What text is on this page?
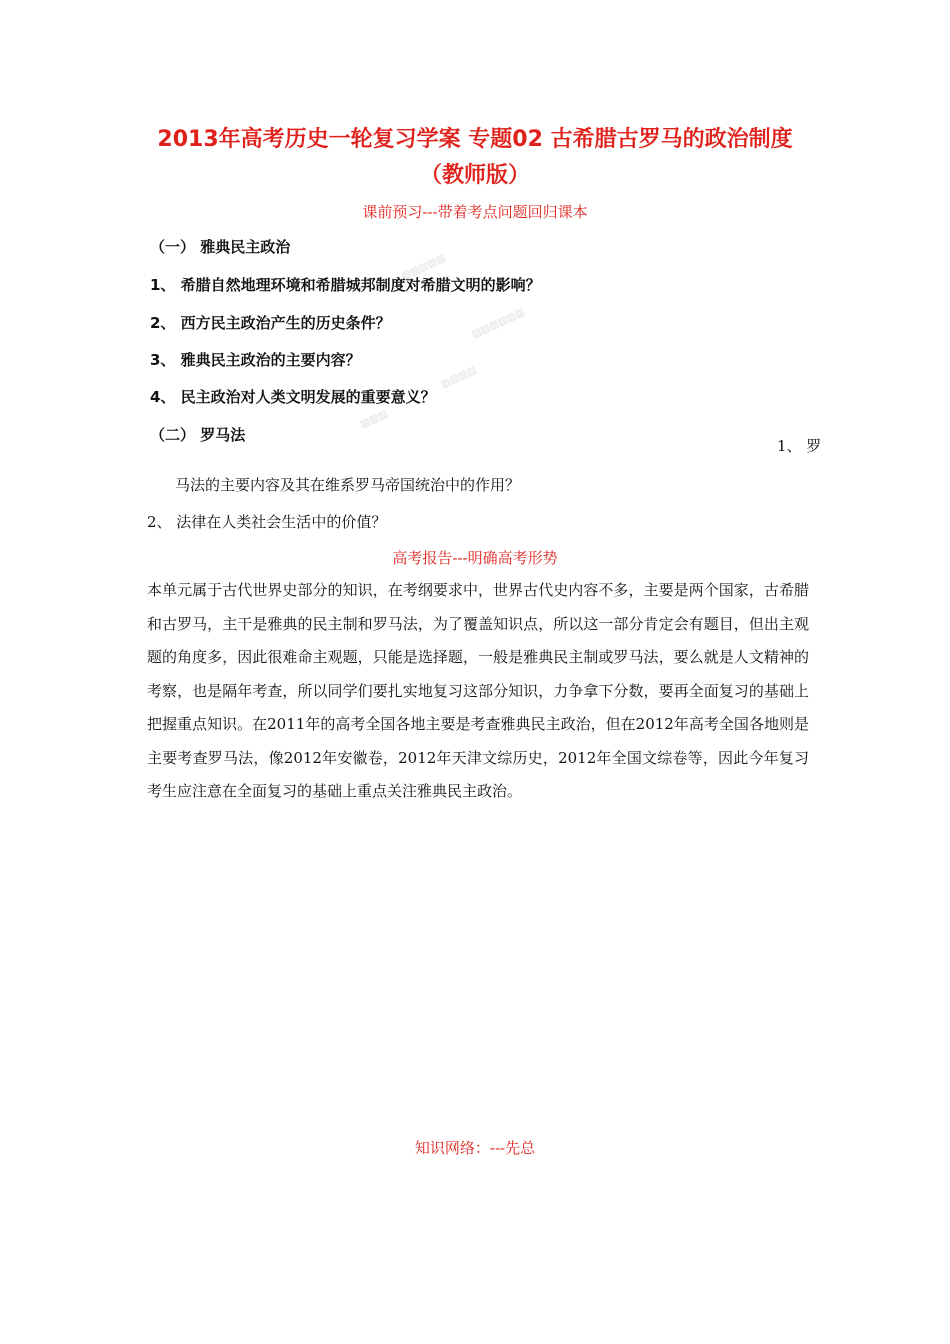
▨▨▨▨▨
▨▨▨▨▨▨
▨▨▨▨
▨▨▨
2013年高考历史一轮复习学案 专题02 古希腊古罗马的政治制度
（教师版）
课前预习---带着考点问题回归课本
（一） 雅典民主政治
1、 希腊自然地理环境和希腊城邦制度对希腊文明的影响？
2、 西方民主政治产生的历史条件？
3、 雅典民主政治的主要内容？
4、 民主政治对人类文明发展的重要意义？
（二） 罗马法
1、 罗
马法的主要内容及其在维系罗马帝国统治中的作用？
2、 法律在人类社会生活中的价值？
高考报告---明确高考形势

本单元属于古代世界史部分的知识，在考纲要求中，世界古代史内容不多，主要是两个国家，古希腊和古罗马，主干是雅典的民主制和罗马法，为了覆盖知识点，所以这一部分肯定会有题目，但出主观题的角度多，因此很难命主观题，只能是选择题，一般是雅典民主制或罗马法，要么就是人文精神的考察，也是隔年考查，所以同学们要扎实地复习这部分知识，力争拿下分数，要再全面复习的基础上把握重点知识。在2011年的高考全国各地主要是考查雅典民主政治，但在2012年高考全国各地则是主要考查罗马法，像2012年安徽卷，2012年天津文综历史，2012年全国文综卷等，因此今年复习考生应注意在全面复习的基础上重点关注雅典民主政治。

知识网络：---先总
